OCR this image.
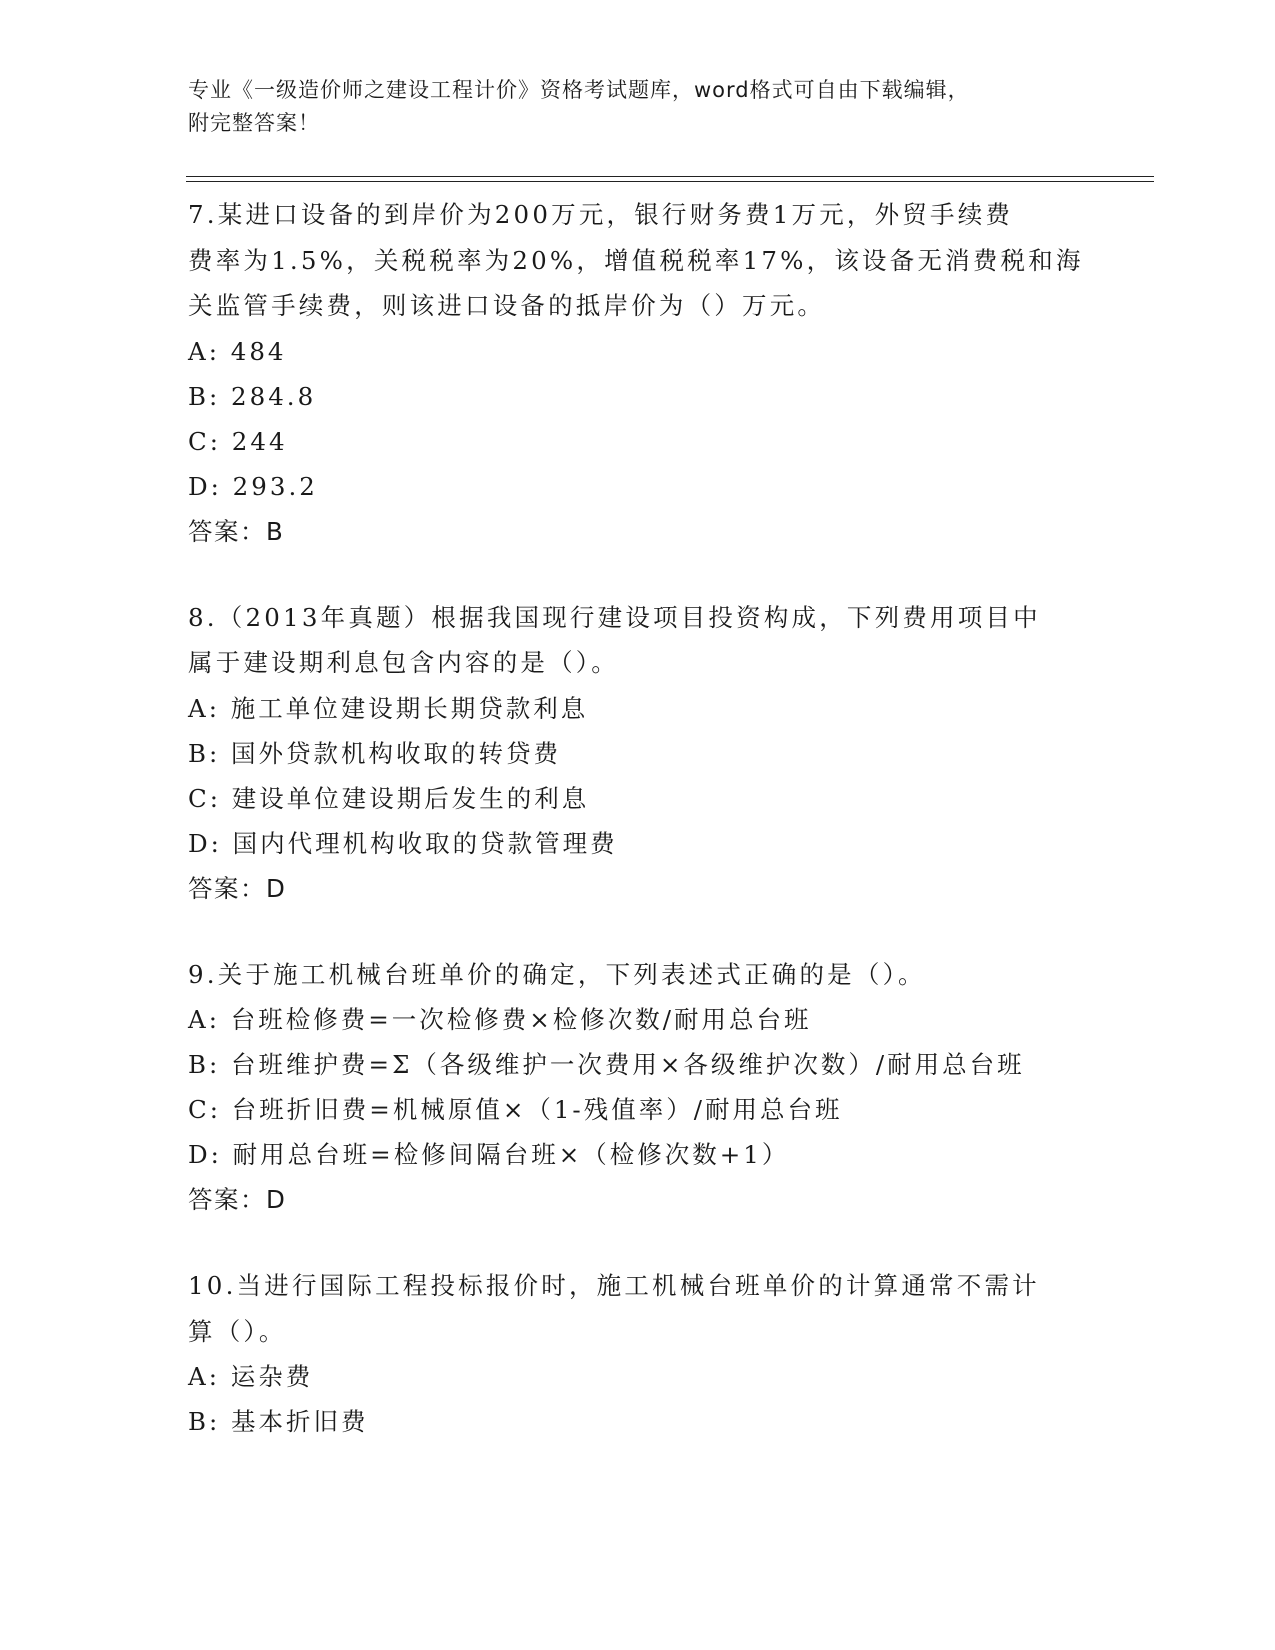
专业《一级造价师之建设工程计价》资格考试题库，word格式可自由下载编辑，
附完整答案！

7.某进口设备的到岸价为200万元，银行财务费1万元，外贸手续费

费率为1.5%，关税税率为20%，增值税税率17%，该设备无消费税和海

关监管手续费，则该进口设备的抵岸价为（）万元。

A: 484
B: 284.8
C: 244
D: 293.2
答案：B

8.（2013年真题）根据我国现行建设项目投资构成，下列费用项目中

属于建设期利息包含内容的是（）。

A: 施工单位建设期长期贷款利息
B: 国外贷款机构收取的转贷费
C: 建设单位建设期后发生的利息
D: 国内代理机构收取的贷款管理费
答案：D

9.关于施工机械台班单价的确定，下列表述式正确的是（）。

A: 台班检修费=一次检修费×检修次数/耐用总台班
B: 台班维护费=Σ（各级维护一次费用×各级维护次数）/耐用总台班
C: 台班折旧费=机械原值×（1-残值率）/耐用总台班
D: 耐用总台班=检修间隔台班×（检修次数+1）
答案：D

10.当进行国际工程投标报价时，施工机械台班单价的计算通常不需计

算（）。

A: 运杂费
B: 基本折旧费
